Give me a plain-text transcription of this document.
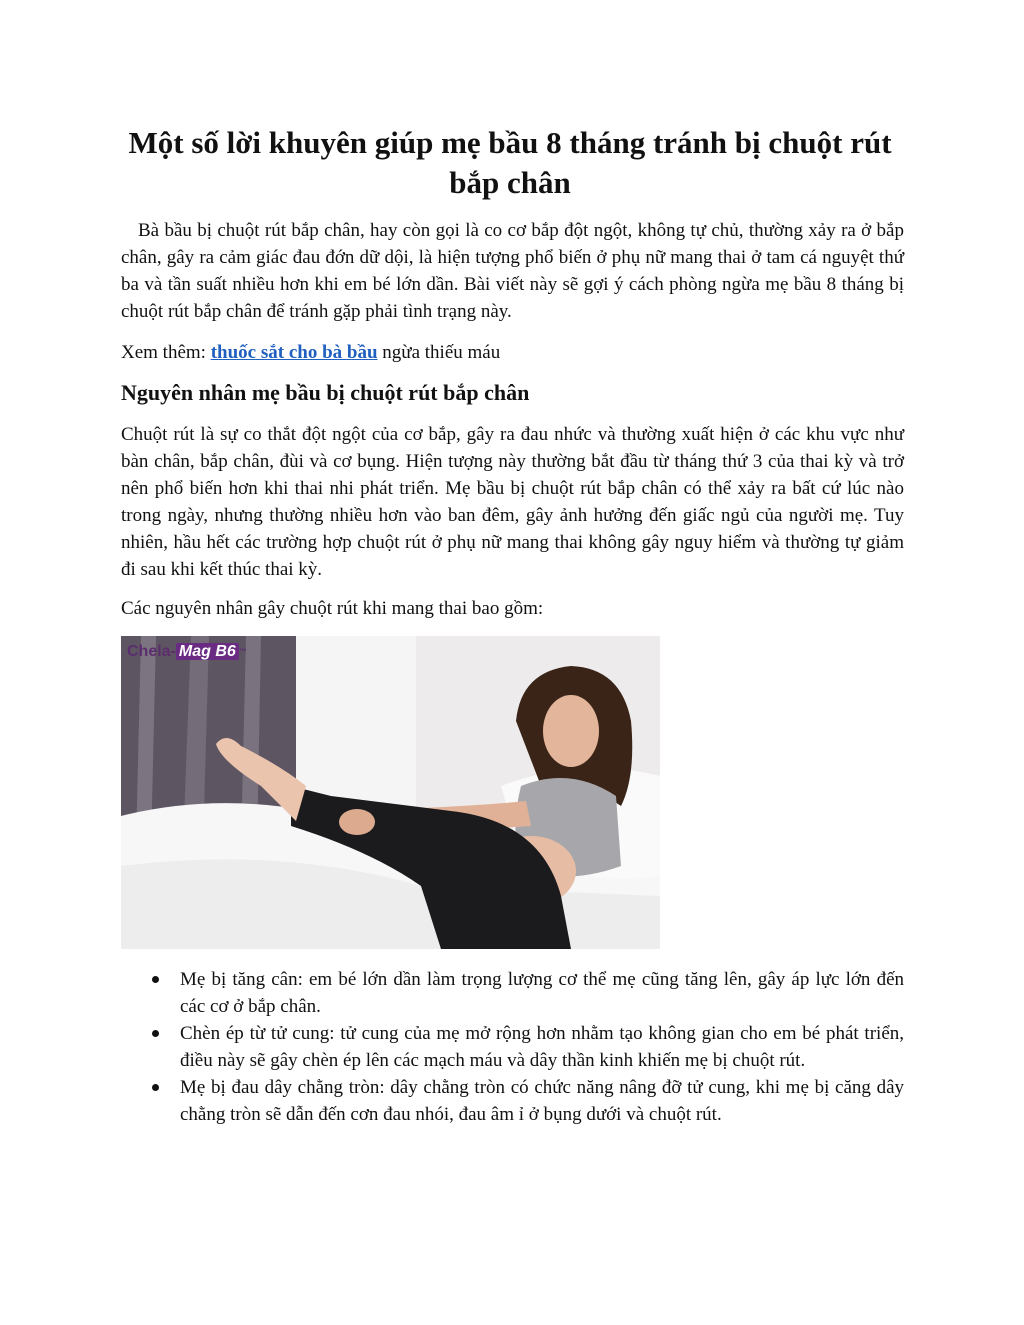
Một số lời khuyên giúp mẹ bầu 8 tháng tránh bị chuột rút bắp chân

Bà bầu bị chuột rút bắp chân, hay còn gọi là co cơ bắp đột ngột, không tự chủ, thường xảy ra ở bắp chân, gây ra cảm giác đau đớn dữ dội, là hiện tượng phổ biến ở phụ nữ mang thai ở tam cá nguyệt thứ ba và tần suất nhiều hơn khi em bé lớn dần. Bài viết này sẽ gợi ý cách phòng ngừa mẹ bầu 8 tháng bị chuột rút bắp chân để tránh gặp phải tình trạng này.

Xem thêm: thuốc sắt cho bà bầu ngừa thiếu máu

Nguyên nhân mẹ bầu bị chuột rút bắp chân

Chuột rút là sự co thắt đột ngột của cơ bắp, gây ra đau nhức và thường xuất hiện ở các khu vực như bàn chân, bắp chân, đùi và cơ bụng. Hiện tượng này thường bắt đầu từ tháng thứ 3 của thai kỳ và trở nên phổ biến hơn khi thai nhi phát triển. Mẹ bầu bị chuột rút bắp chân có thể xảy ra bất cứ lúc nào trong ngày, nhưng thường nhiều hơn vào ban đêm, gây ảnh hưởng đến giấc ngủ của người mẹ. Tuy nhiên, hầu hết các trường hợp chuột rút ở phụ nữ mang thai không gây nguy hiểm và thường tự giảm đi sau khi kết thúc thai kỳ.

Các nguyên nhân gây chuột rút khi mang thai bao gồm:

Chela- Mag B6 ™
Mẹ bị tăng cân: em bé lớn dần làm trọng lượng cơ thể mẹ cũng tăng lên, gây áp lực lớn đến các cơ ở bắp chân.
Chèn ép từ tử cung: tử cung của mẹ mở rộng hơn nhằm tạo không gian cho em bé phát triển, điều này sẽ gây chèn ép lên các mạch máu và dây thần kinh khiến mẹ bị chuột rút.
Mẹ bị đau dây chằng tròn: dây chằng tròn có chức năng nâng đỡ tử cung, khi mẹ bị căng dây chằng tròn sẽ dẫn đến cơn đau nhói, đau âm ỉ ở bụng dưới và chuột rút.
